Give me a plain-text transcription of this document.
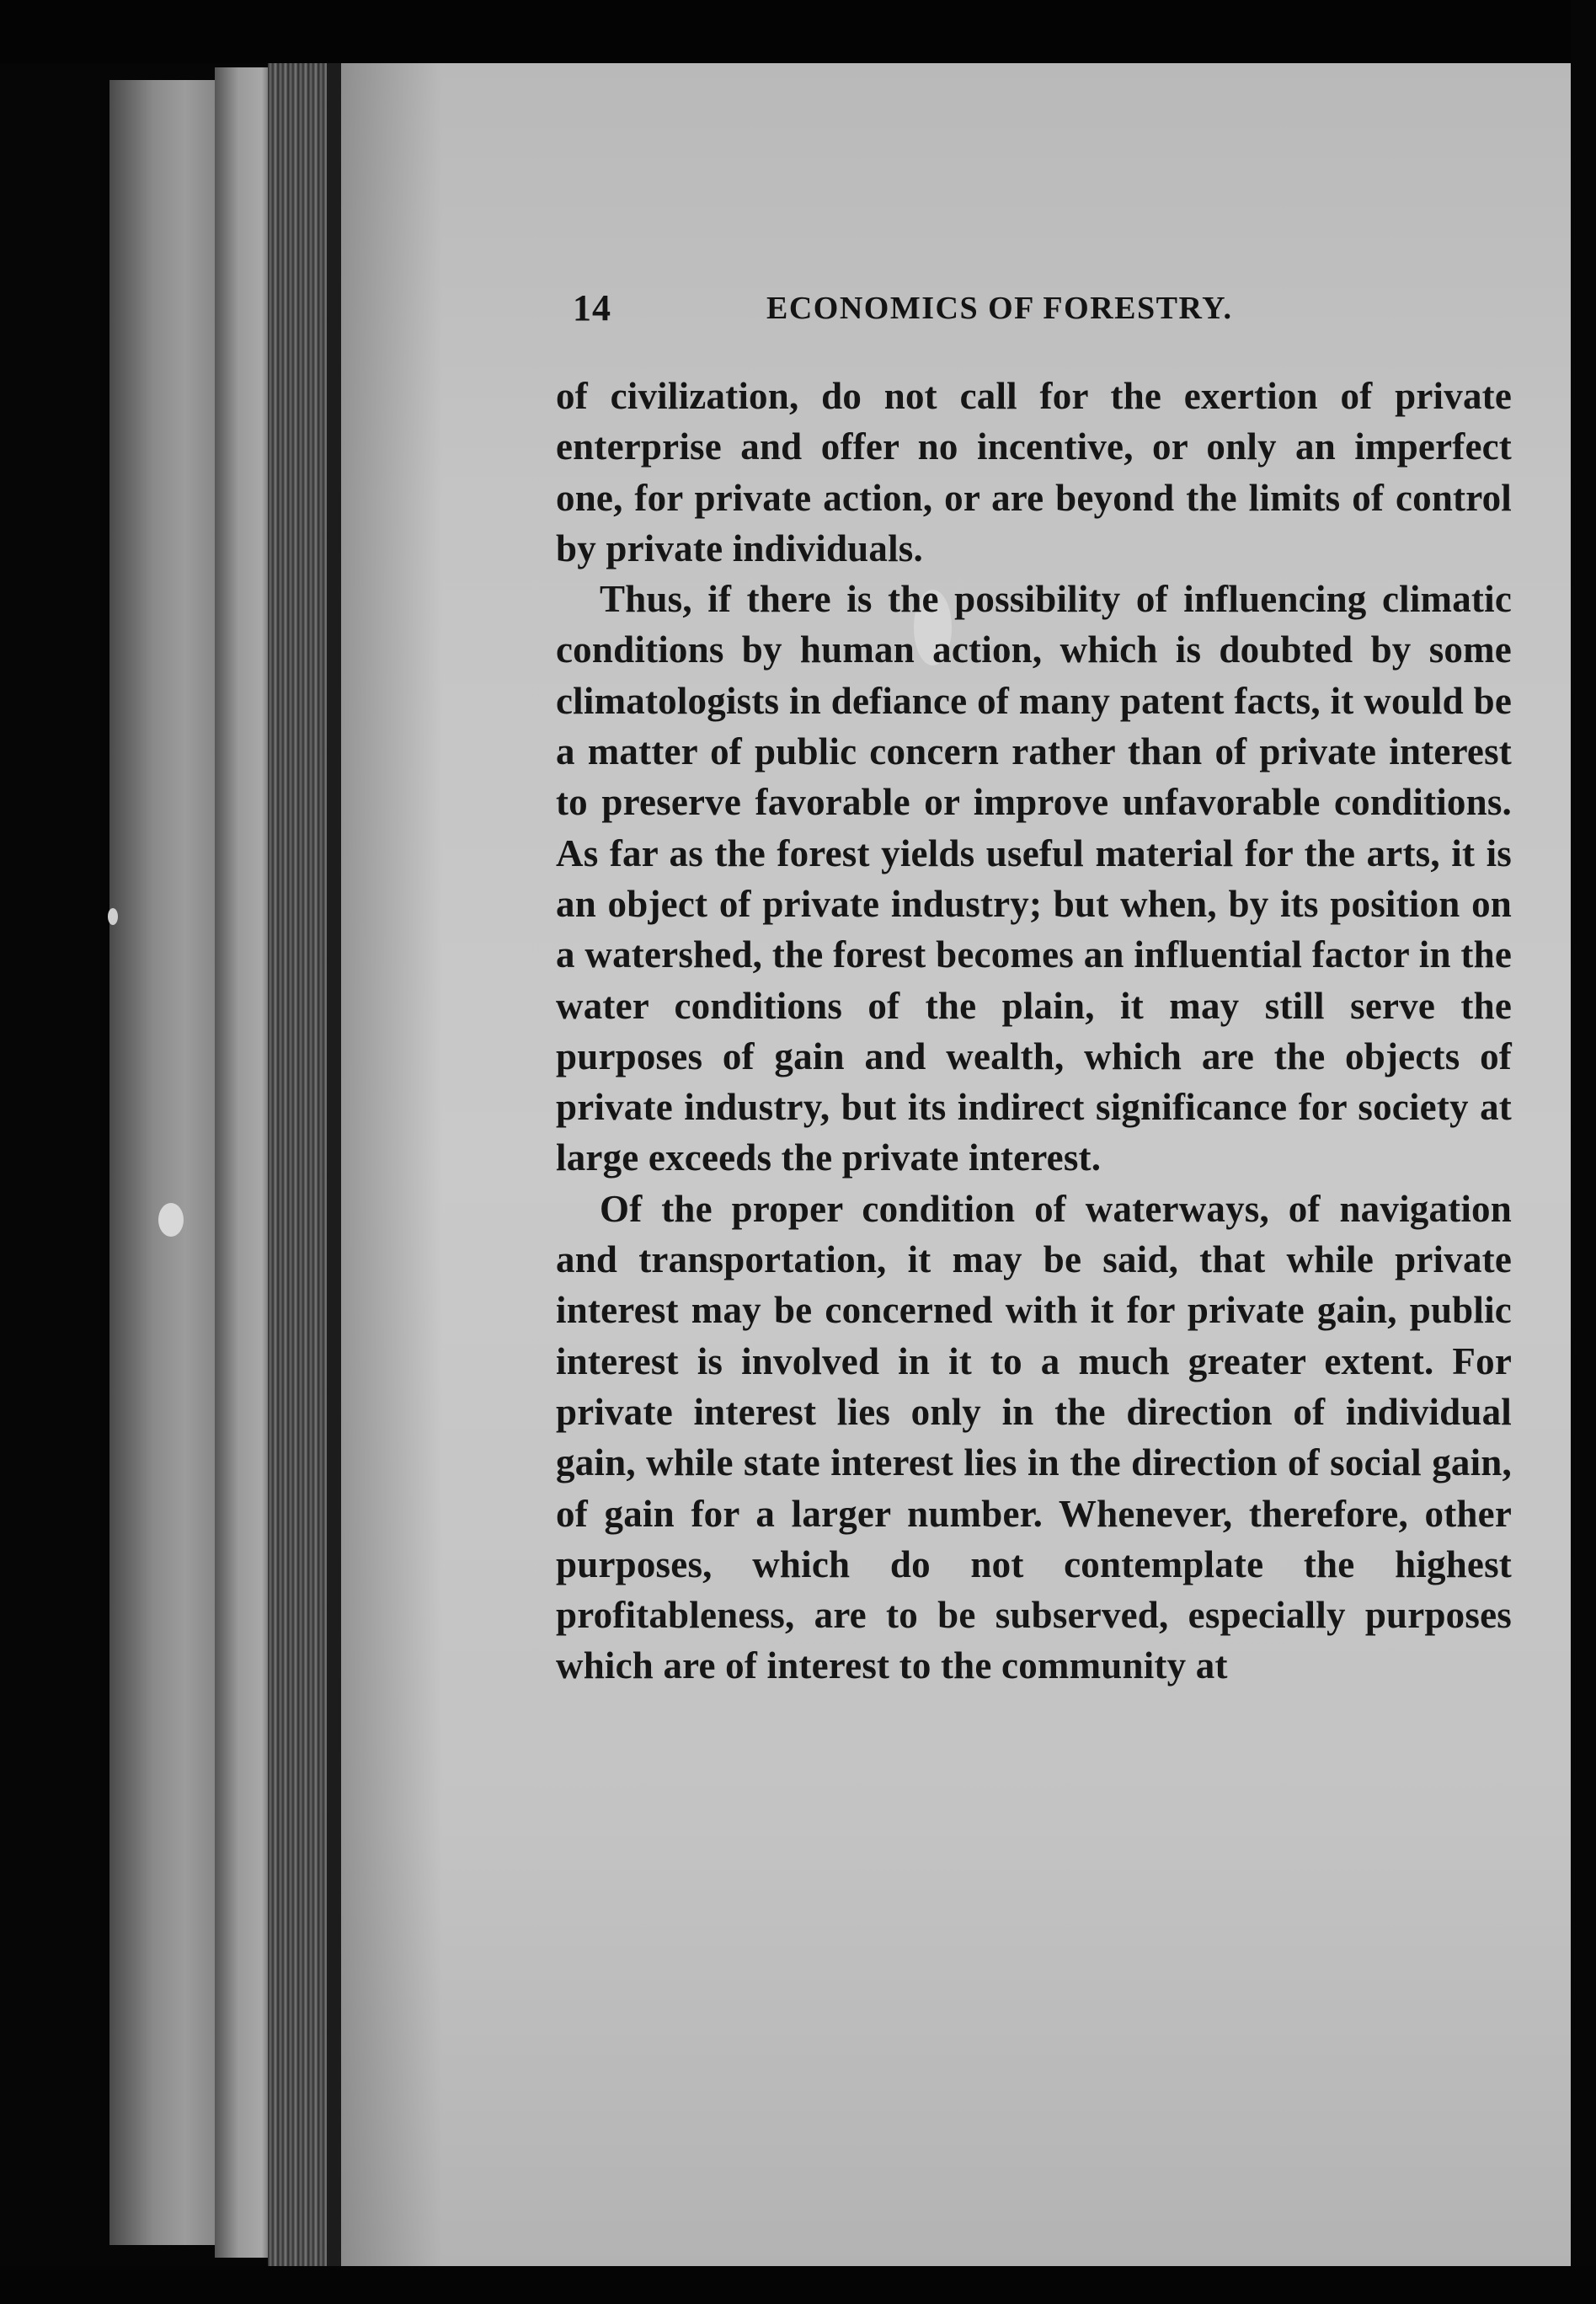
14	ECONOMICS OF FORESTRY.

of civilization, do not call for the exertion of private enterprise and offer no incentive, or only an imperfect one, for private action, or are beyond the limits of control by private individuals.

Thus, if there is the possibility of influencing climatic conditions by human action, which is doubted by some climatologists in defiance of many patent facts, it would be a matter of public concern rather than of private interest to preserve favorable or improve unfavorable conditions. As far as the forest yields useful material for the arts, it is an object of private industry; but when, by its position on a watershed, the forest becomes an influential factor in the water conditions of the plain, it may still serve the purposes of gain and wealth, which are the objects of private industry, but its indirect significance for society at large exceeds the private interest.

Of the proper condition of waterways, of navigation and transportation, it may be said, that while private interest may be concerned with it for private gain, public interest is involved in it to a much greater extent. For private interest lies only in the direction of individual gain, while state interest lies in the direction of social gain, of gain for a larger number. Whenever, therefore, other purposes, which do not contemplate the highest profitableness, are to be subserved, especially purposes which are of interest to the community at
